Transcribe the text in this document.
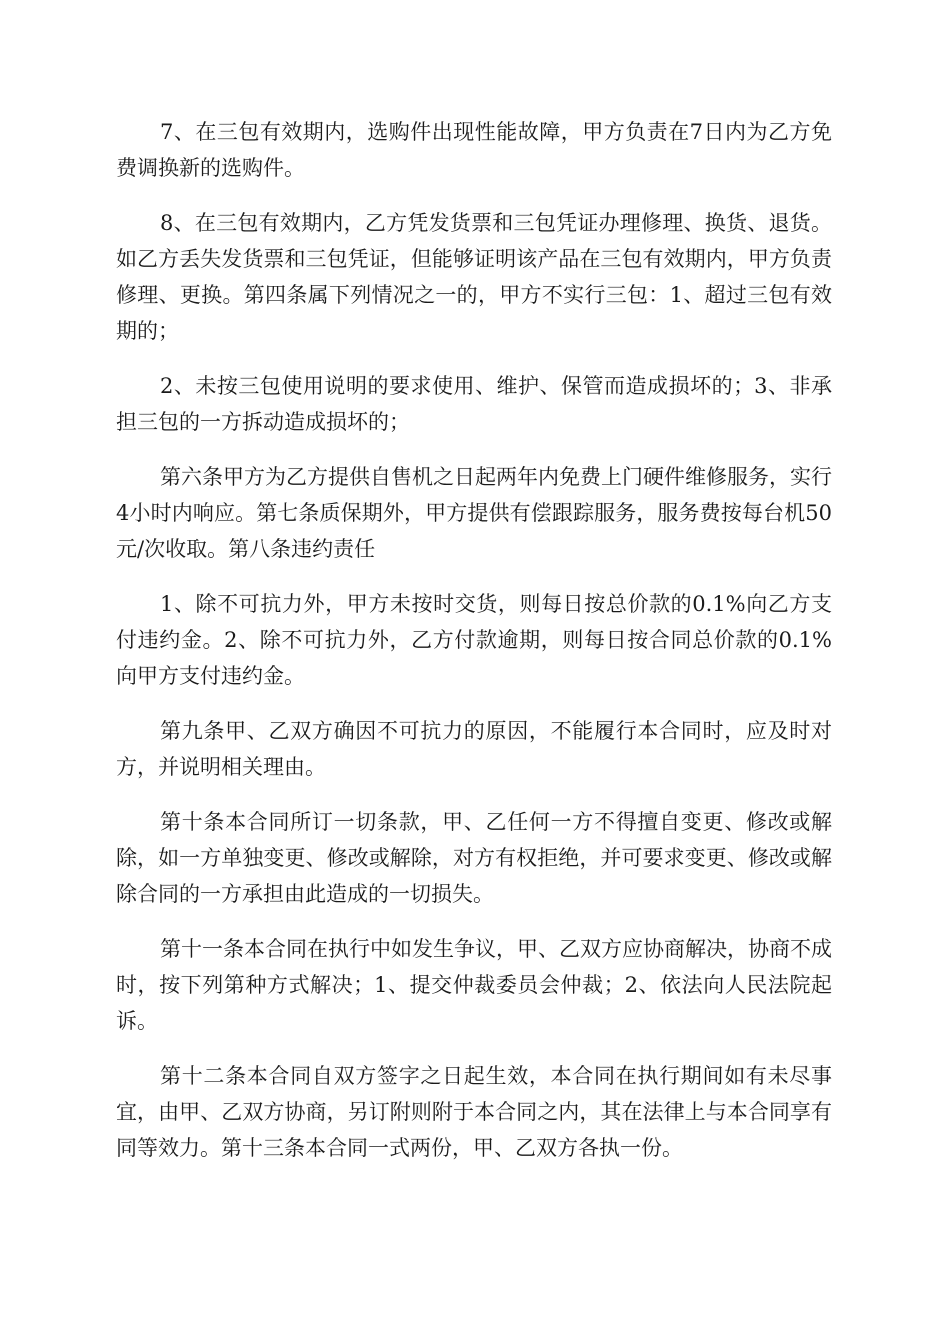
7、在三包有效期内，选购件出现性能故障，甲方负责在7日内为乙方免费调换新的选购件。

8、在三包有效期内，乙方凭发货票和三包凭证办理修理、换货、退货。如乙方丢失发货票和三包凭证，但能够证明该产品在三包有效期内，甲方负责修理、更换。第四条属下列情况之一的，甲方不实行三包：1、超过三包有效期的；

2、未按三包使用说明的要求使用、维护、保管而造成损坏的；3、非承担三包的一方拆动造成损坏的；

第六条甲方为乙方提供自售机之日起两年内免费上门硬件维修服务，实行4小时内响应。第七条质保期外，甲方提供有偿跟踪服务，服务费按每台机50元/次收取。第八条违约责任

1、除不可抗力外，甲方未按时交货，则每日按总价款的0.1%向乙方支付违约金。2、除不可抗力外，乙方付款逾期，则每日按合同总价款的0.1%向甲方支付违约金。

第九条甲、乙双方确因不可抗力的原因，不能履行本合同时，应及时对方，并说明相关理由。

第十条本合同所订一切条款，甲、乙任何一方不得擅自变更、修改或解除，如一方单独变更、修改或解除，对方有权拒绝，并可要求变更、修改或解除合同的一方承担由此造成的一切损失。

第十一条本合同在执行中如发生争议，甲、乙双方应协商解决，协商不成时，按下列第种方式解决；1、提交仲裁委员会仲裁；2、依法向人民法院起诉。

第十二条本合同自双方签字之日起生效，本合同在执行期间如有未尽事宜，由甲、乙双方协商，另订附则附于本合同之内，其在法律上与本合同享有同等效力。第十三条本合同一式两份，甲、乙双方各执一份。
